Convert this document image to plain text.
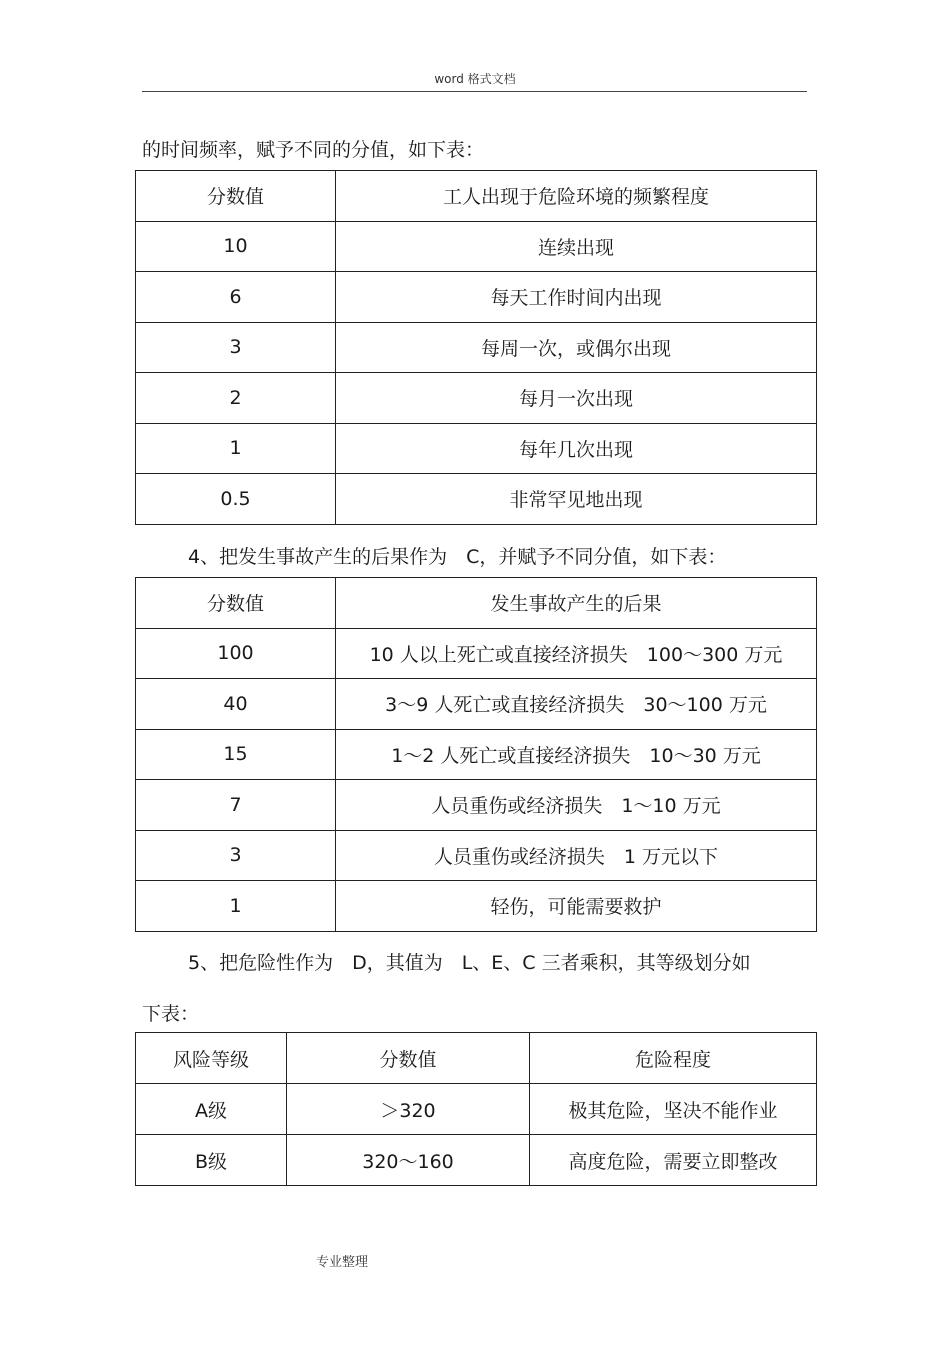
word 格式文档
的时间频率，赋予不同的分值，如下表：
分数值	工人出现于危险环境的频繁程度
10	连续出现
6	每天工作时间内出现
3	每周一次，或偶尔出现
2	每月一次出现
1	每年几次出现
0.5	非常罕见地出现
4、把发生事故产生的后果作为　C，并赋予不同分值，如下表：
分数值	发生事故产生的后果
100	10 人以上死亡或直接经济损失　100～300 万元
40	3～9 人死亡或直接经济损失　30～100 万元
15	1～2 人死亡或直接经济损失　10～30 万元
7	人员重伤或经济损失　1～10 万元
3	人员重伤或经济损失　1 万元以下
1	轻伤，可能需要救护
5、把危险性作为　D，其值为　L、E、C 三者乘积，其等级划分如
下表：
风险等级	分数值	危险程度
A级	＞320	极其危险，坚决不能作业
B级	320～160	高度危险，需要立即整改
专业整理
